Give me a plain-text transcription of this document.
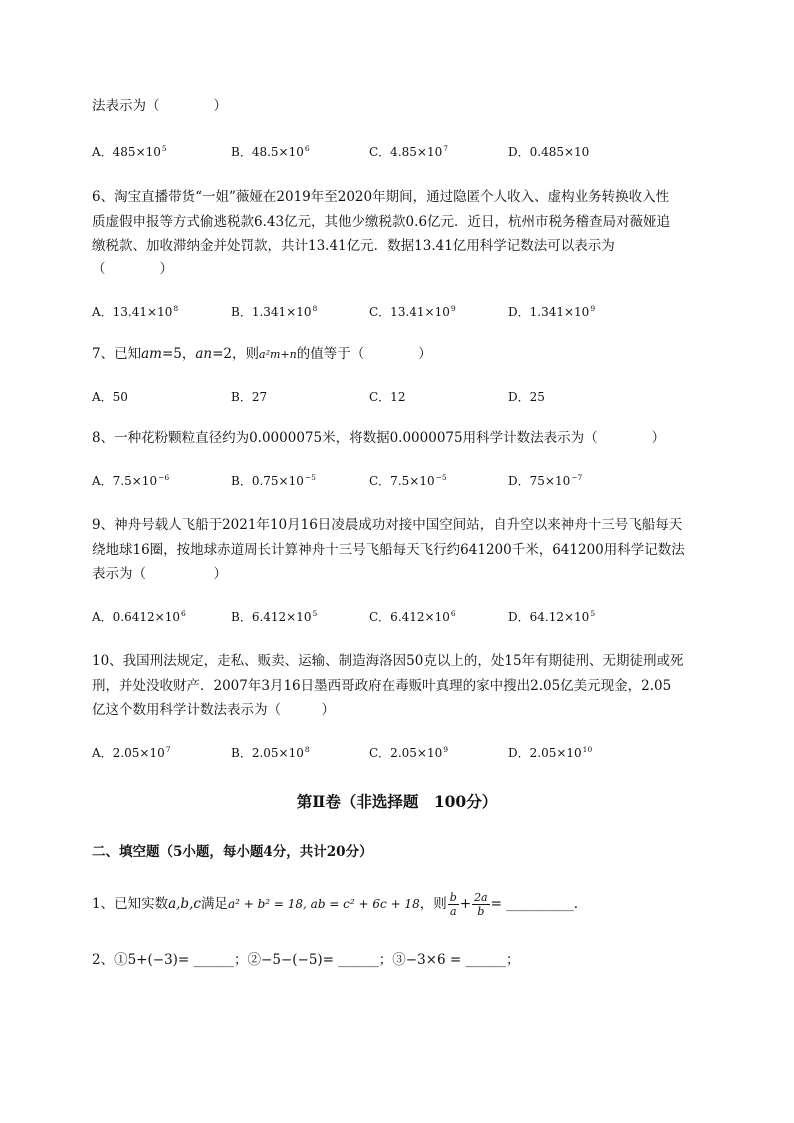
法表示为（　　　　）
A．$485\times 10^5$	B．$48.5\times 10^6$	C．$4.85\times 10^7$	D．0.485×10
6、淘宝直播带货“一姐”薇娅在2019年至2020年期间，通过隐匿个人收入、虚构业务转换收入性
质虚假申报等方式偷逃税款6.43亿元，其他少缴税款0.6亿元．近日，杭州市税务稽查局对薇娅追
缴税款、加收滞纳金并处罚款，共计13.41亿元．数据13.41亿用科学记数法可以表示为
（　　　　）
A．$13.41\times 10^8$	B．$1.341\times 10^8$	C．$13.41\times 10^9$	D．$1.341\times 10^9$
7、已知am=5，an=2，则a²m+n的值等于（　　　　）
A．50	B．27	C．12	D．25
8、一种花粉颗粒直径约为0.0000075米，将数据0.0000075用科学计数法表示为（　　　　）
A．$7.5\times 10^{-6}$	B．$0.75\times 10^{-5}$	C．$7.5\times 10^{-5}$	D．$75\times 10^{-7}$
9、神舟号载人飞船于2021年10月16日凌晨成功对接中国空间站，自升空以来神舟十三号飞船每天
绕地球16圈，按地球赤道周长计算神舟十三号飞船每天飞行约641200千米，641200用科学记数法
表示为（　　　　　）
A．$0.6412\times 10^6$	B．$6.412\times 10^5$	C．$6.412\times 10^6$	D．$64.12\times 10^5$
10、我国刑法规定，走私、贩卖、运输、制造海洛因50克以上的，处15年有期徒刑、无期徒刑或死
刑，并处没收财产．2007年3月16日墨西哥政府在毒贩叶真理的家中搜出2.05亿美元现金，2.05
亿这个数用科学计数法表示为（　　　）
A．$2.05\times 10^7$	B．$2.05\times 10^8$	C．$2.05\times 10^9$	D．$2.05\times 10^{10}$
第Ⅱ卷（非选择题　100分）
二、填空题（5小题，每小题4分，共计20分）
1、已知实数a,b,c满足a² + b² = 18, ab = c² + 6c + 18，则 $\frac{b}{a} + \frac{2a}{b}$ = __________.
2、①5+(−3)= ______；②−5−(−5)= ______；③−3×6 = ______；
